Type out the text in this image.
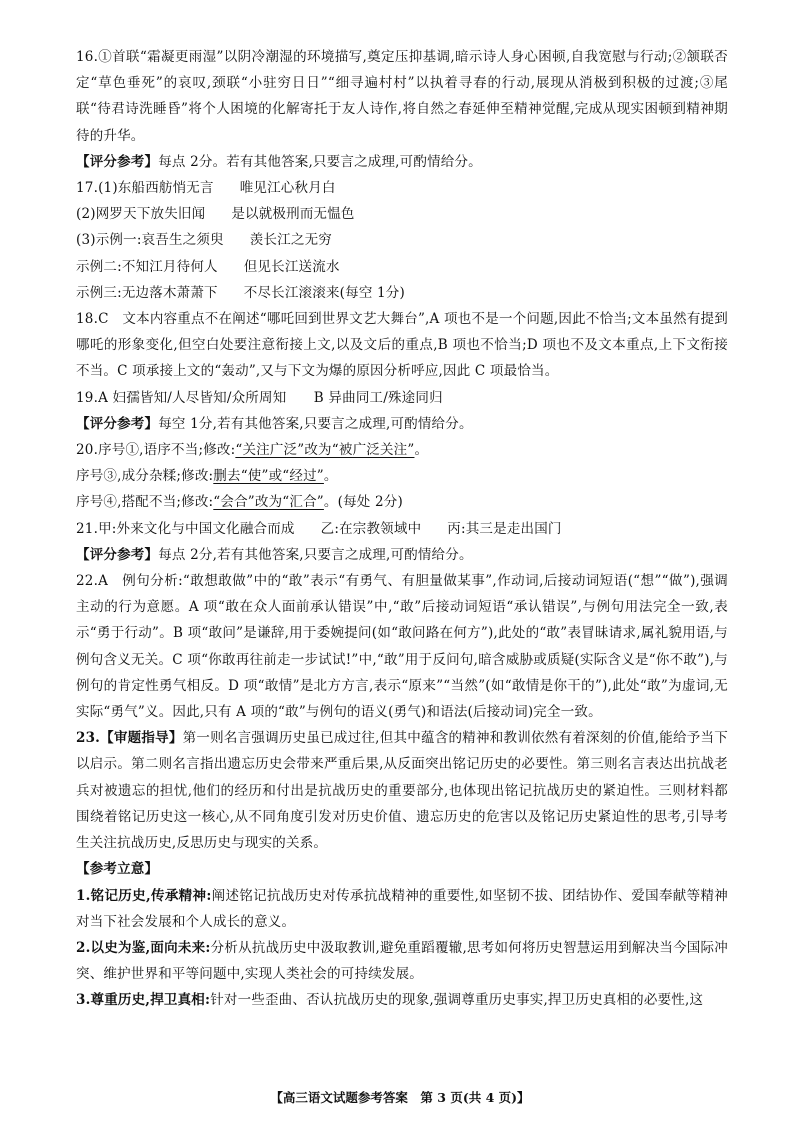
16.①首联“霜凝更雨湿”以阴冷潮湿的环境描写,奠定压抑基调,暗示诗人身心困顿,自我宽慰与行动;②颔联否定“草色垂死”的哀叹,颈联“小驻穷日日”“细寻遍村村”以执着寻春的行动,展现从消极到积极的过渡;③尾联“待君诗洗睡昏”将个人困境的化解寄托于友人诗作,将自然之春延伸至精神觉醒,完成从现实困顿到精神期待的升华。

【评分参考】每点 2分。若有其他答案,只要言之成理,可酌情给分。

17.(1)东船西舫悄无言 唯见江心秋月白

(2)网罗天下放失旧闻 是以就极刑而无愠色

(3)示例一:哀吾生之须臾 羡长江之无穷

示例二:不知江月待何人 但见长江送流水

示例三:无边落木萧萧下 不尽长江滚滚来(每空 1分)

18.C　文本内容重点不在阐述“哪吒回到世界文艺大舞台”,A 项也不是一个问题,因此不恰当;文本虽然有提到哪吒的形象变化,但空白处要注意衔接上文,以及文后的重点,B 项也不恰当;D 项也不及文本重点,上下文衔接不当。C 项承接上文的“轰动”,又与下文为爆的原因分析呼应,因此 C 项最恰当。

19.A 妇孺皆知/人尽皆知/众所周知　　B 异曲同工/殊途同归

【评分参考】每空 1分,若有其他答案,只要言之成理,可酌情给分。

20.序号①,语序不当;修改:“关注广泛”改为“被广泛关注”。

序号③,成分杂糅;修改:删去“使”或“经过”。

序号④,搭配不当;修改:“会合”改为“汇合”。(每处 2分)

21.甲:外来文化与中国文化融合而成 乙:在宗教领域中 丙:其三是走出国门

【评分参考】每点 2分,若有其他答案,只要言之成理,可酌情给分。

22.A　例句分析:“敢想敢做”中的“敢”表示“有勇气、有胆量做某事”,作动词,后接动词短语(“想”“做”),强调主动的行为意愿。A 项“敢在众人面前承认错误”中,“敢”后接动词短语“承认错误”,与例句用法完全一致,表示“勇于行动”。B 项“敢问”是谦辞,用于委婉提问(如“敢问路在何方”),此处的“敢”表冒昧请求,属礼貌用语,与例句含义无关。C 项“你敢再往前走一步试试!”中,“敢”用于反问句,暗含威胁或质疑(实际含义是“你不敢”),与例句的肯定性勇气相反。D 项“敢情”是北方方言,表示“原来”“当然”(如“敢情是你干的”),此处“敢”为虚词,无实际“勇气”义。因此,只有 A 项的“敢”与例句的语义(勇气)和语法(后接动词)完全一致。

23.【审题指导】第一则名言强调历史虽已成过往,但其中蕴含的精神和教训依然有着深刻的价值,能给予当下以启示。第二则名言指出遗忘历史会带来严重后果,从反面突出铭记历史的必要性。第三则名言表达出抗战老兵对被遗忘的担忧,他们的经历和付出是抗战历史的重要部分,也体现出铭记抗战历史的紧迫性。三则材料都围绕着铭记历史这一核心,从不同角度引发对历史价值、遗忘历史的危害以及铭记历史紧迫性的思考,引导考生关注抗战历史,反思历史与现实的关系。

【参考立意】

1.铭记历史,传承精神:阐述铭记抗战历史对传承抗战精神的重要性,如坚韧不拔、团结协作、爱国奉献等精神对当下社会发展和个人成长的意义。

2.以史为鉴,面向未来:分析从抗战历史中汲取教训,避免重蹈覆辙,思考如何将历史智慧运用到解决当今国际冲突、维护世界和平等问题中,实现人类社会的可持续发展。

3.尊重历史,捍卫真相:针对一些歪曲、否认抗战历史的现象,强调尊重历史事实,捍卫历史真相的必要性,这

【高三语文试题参考答案　第 3 页(共 4 页)】
